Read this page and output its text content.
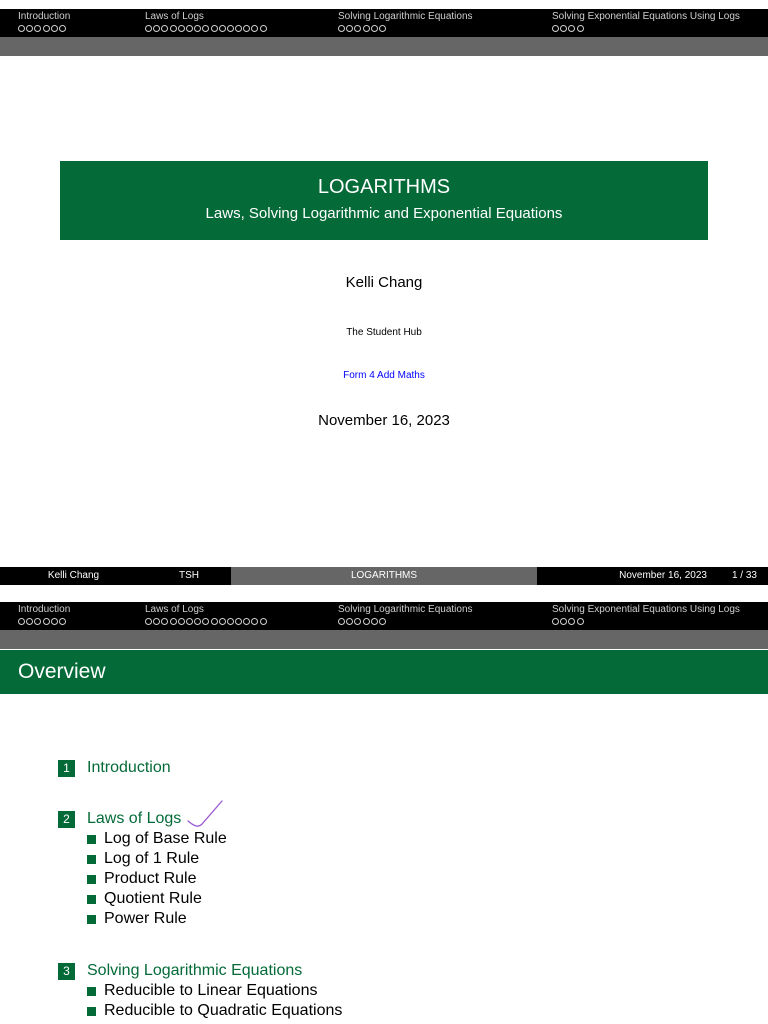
Introduction	Laws of Logs	Solving Logarithmic Equations	Solving Exponential Equations Using Logs
LOGARITHMS
Laws, Solving Logarithmic and Exponential Equations
Kelli Chang
The Student Hub
Form 4 Add Maths
November 16, 2023
Kelli Chang	TSH	LOGARITHMS	November 16, 2023	1 / 33
Introduction	Laws of Logs	Solving Logarithmic Equations	Solving Exponential Equations Using Logs
Overview
1	Introduction
2	Laws of Logs
Log of Base Rule
Log of 1 Rule
Product Rule
Quotient Rule
Power Rule
3	Solving Logarithmic Equations
Reducible to Linear Equations
Reducible to Quadratic Equations
